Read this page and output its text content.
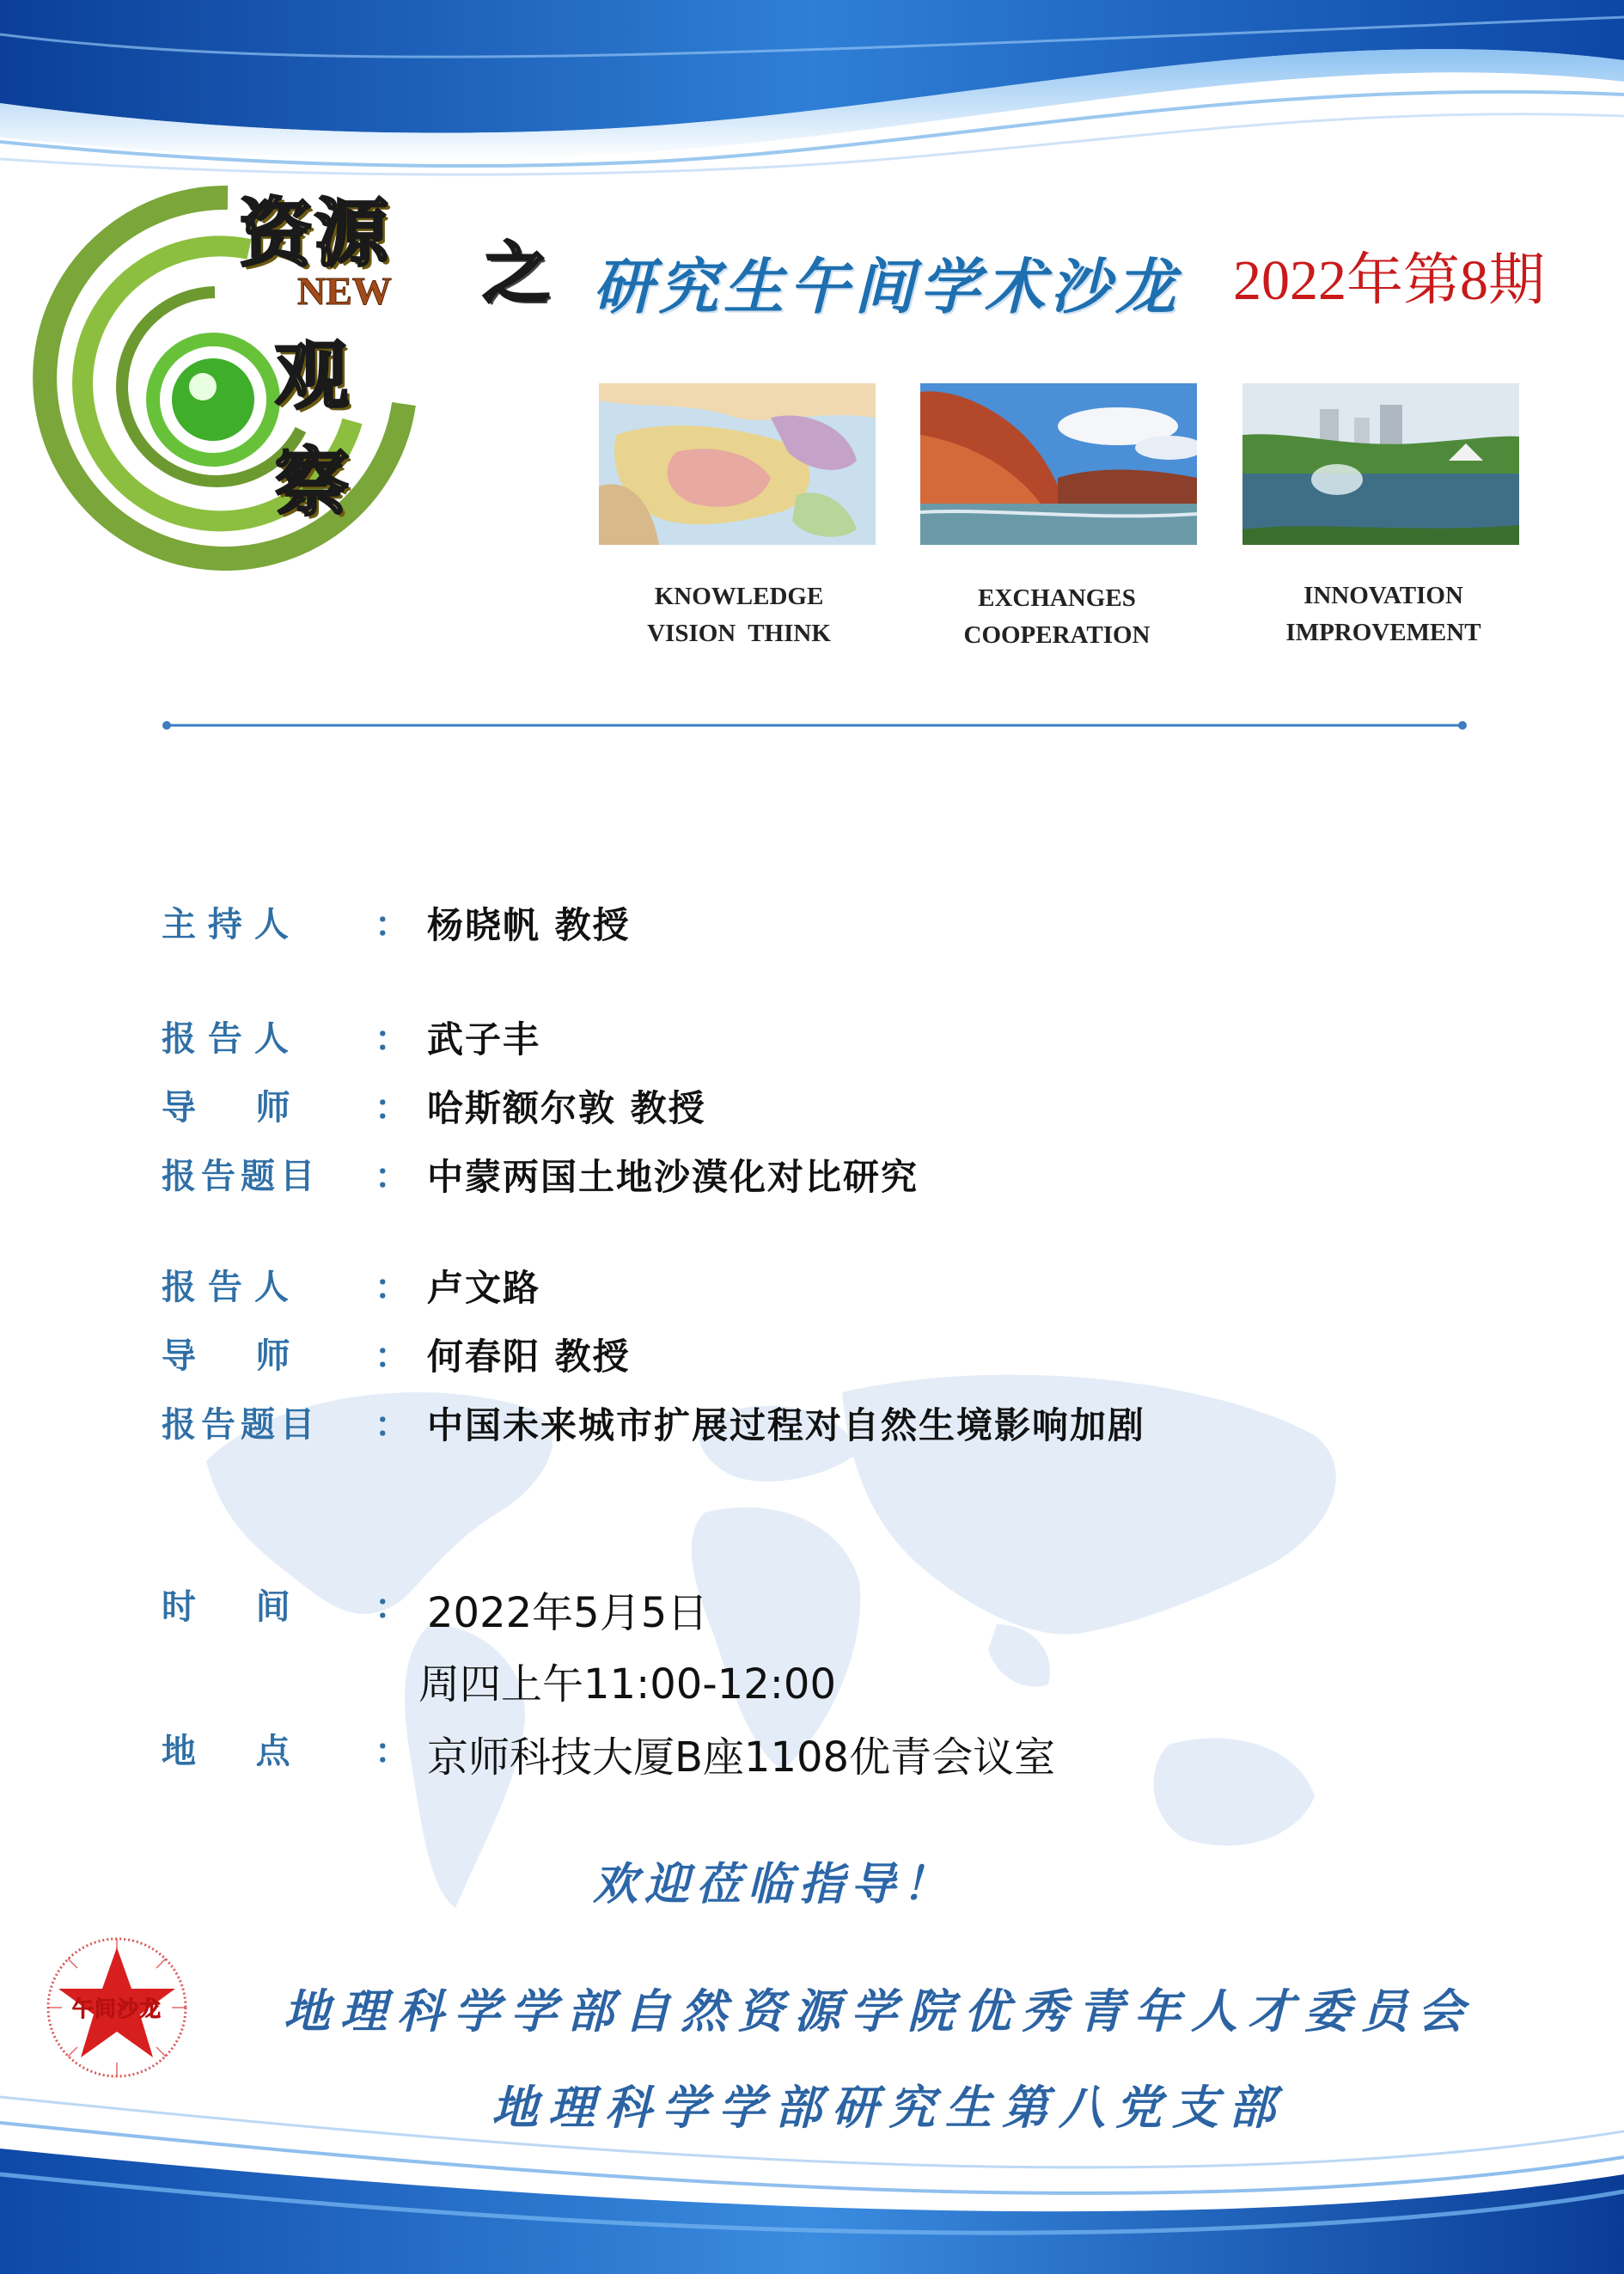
资源
NEW
观察
之 研究生午间学术沙龙 2022年第8期
KNOWLEDGE
VISION  THINK
EXCHANGES
COOPERATION
INNOVATION
IMPROVEMENT
主 持 人	： 杨晓帆 教授
报 告 人	： 武子丰
导     师 ： 哈斯额尔敦 教授
报告题目 ： 中蒙两国土地沙漠化对比研究
报 告 人	： 卢文路
导     师 ： 何春阳 教授
报告题目 ： 中国未来城市扩展过程对自然生境影响加剧
时     间 ： 2022年5月5日
周四上午11:00-12:00
地     点 ： 京师科技大厦B座1108优青会议室
欢迎莅临指导！
午间沙龙	地理科学学部自然资源学院优秀青年人才委员会
地理科学学部研究生第八党支部
